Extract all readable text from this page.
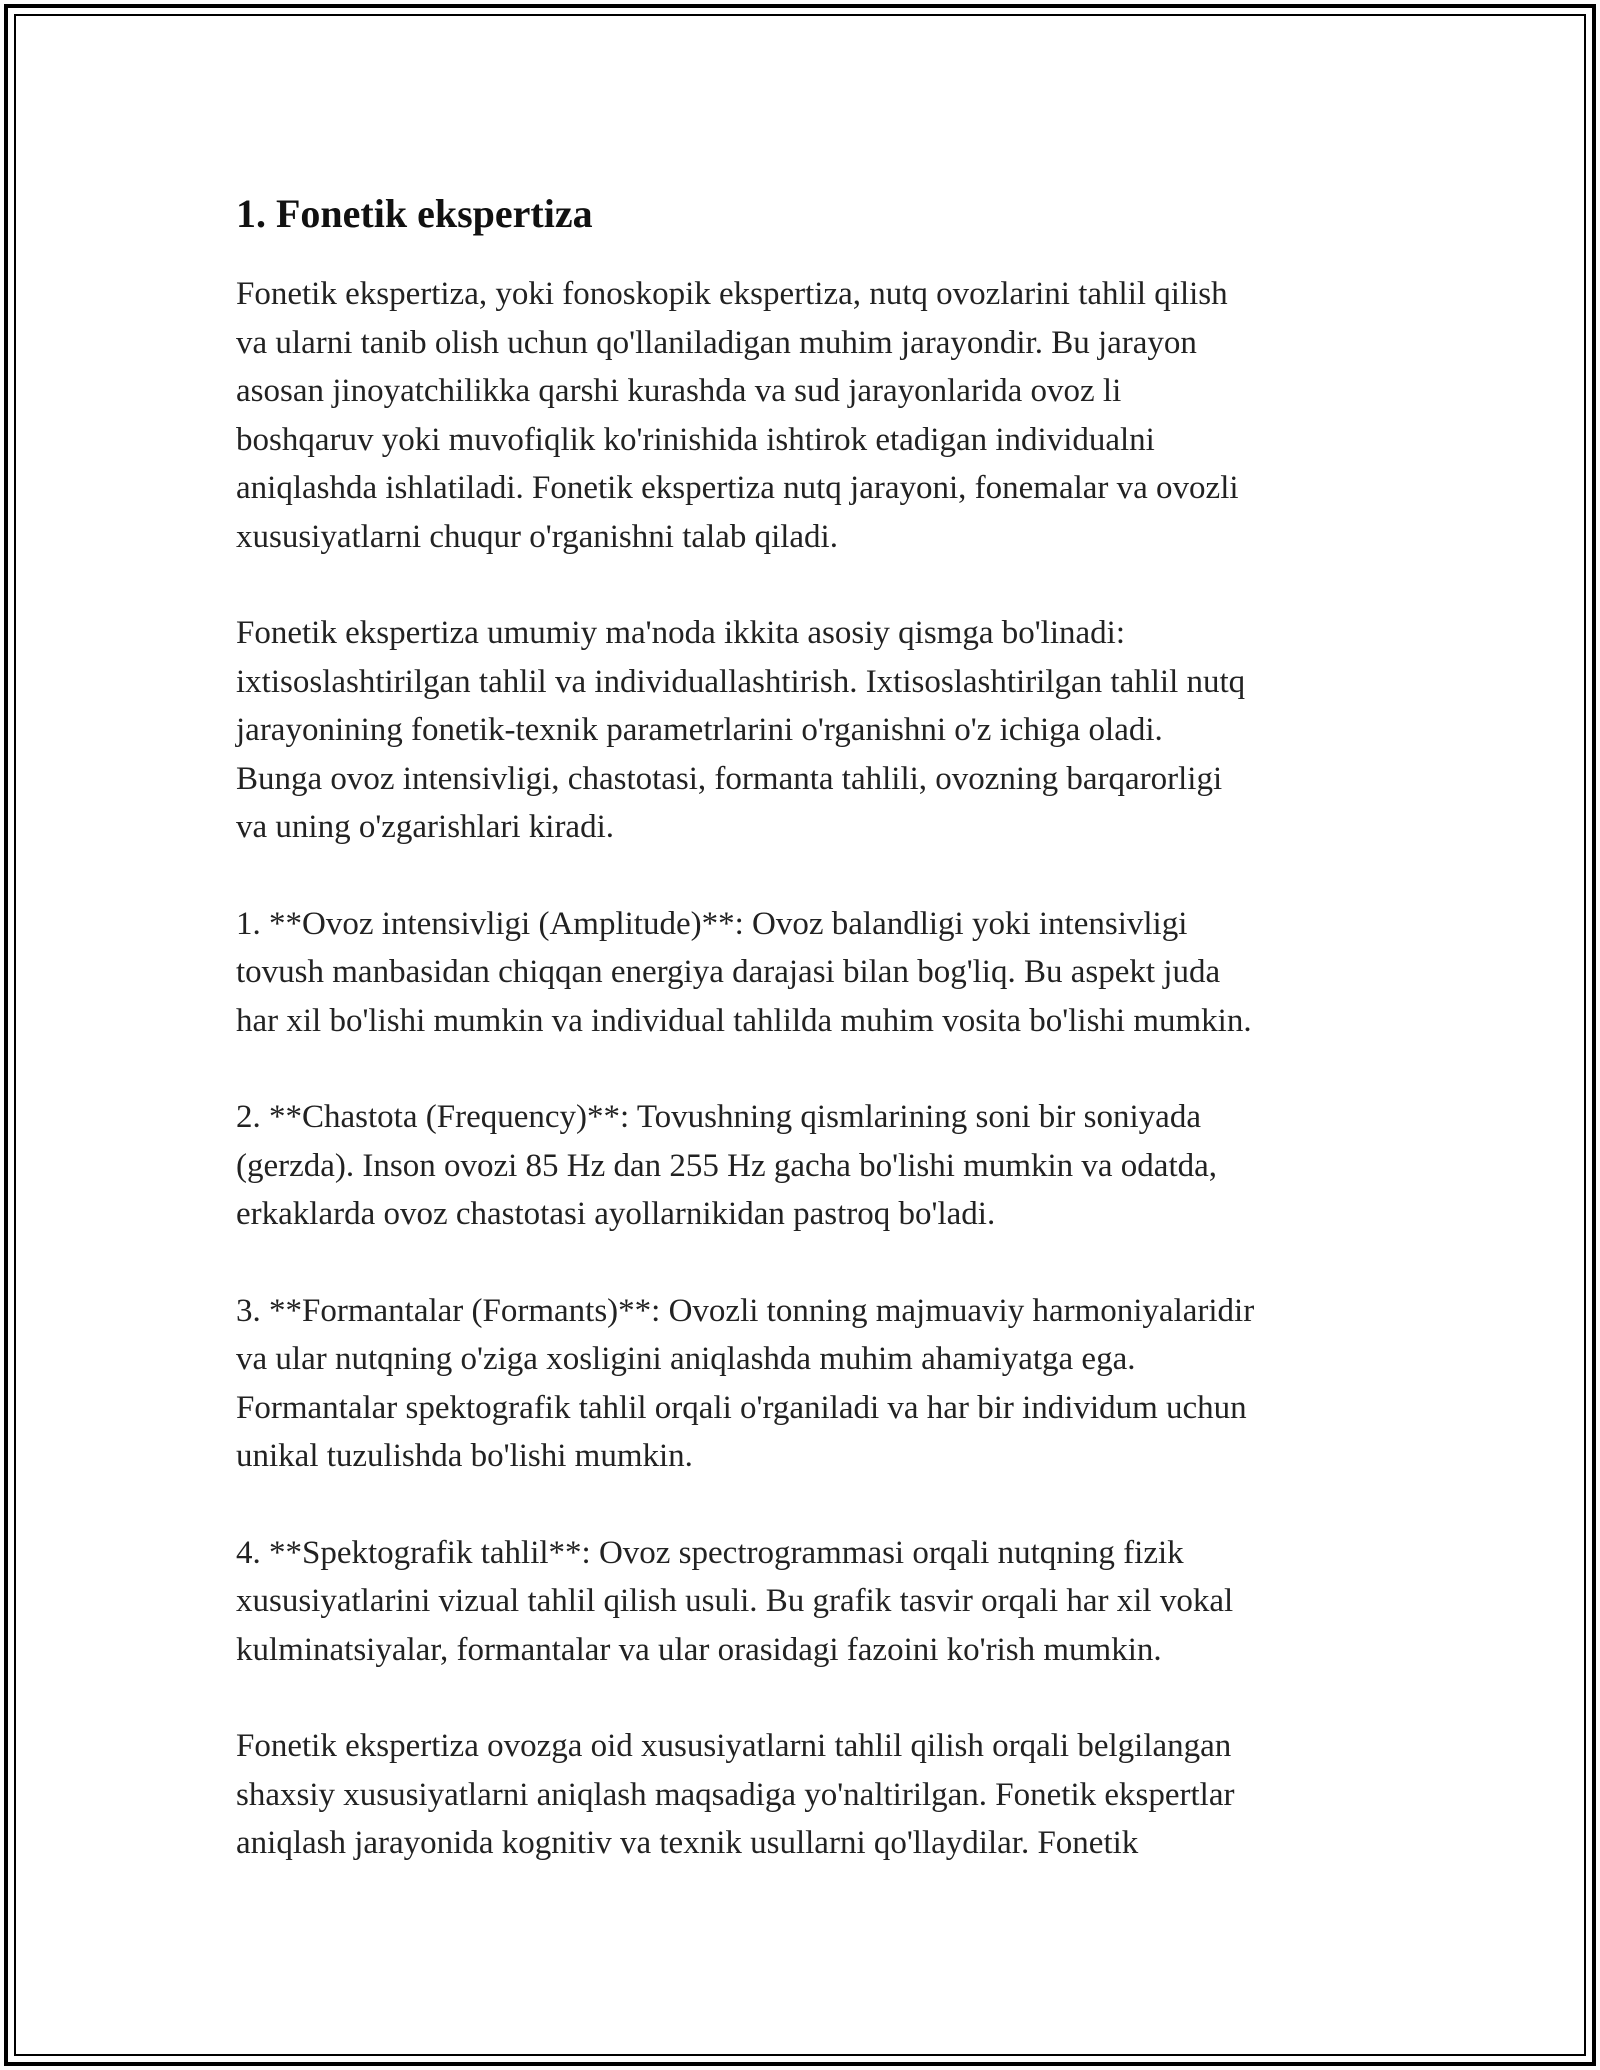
1. Fonetik ekspertiza

Fonetik ekspertiza, yoki fonoskopik ekspertiza, nutq ovozlarini tahlil qilish
va ularni tanib olish uchun qo'llaniladigan muhim jarayondir. Bu jarayon
asosan jinoyatchilikka qarshi kurashda va sud jarayonlarida ovoz li
boshqaruv yoki muvofiqlik ko'rinishida ishtirok etadigan individualni
aniqlashda ishlatiladi. Fonetik ekspertiza nutq jarayoni, fonemalar va ovozli
xususiyatlarni chuqur o'rganishni talab qiladi.

Fonetik ekspertiza umumiy ma'noda ikkita asosiy qismga bo'linadi:
ixtisoslashtirilgan tahlil va individuallashtirish. Ixtisoslashtirilgan tahlil nutq
jarayonining fonetik-texnik parametrlarini o'rganishni o'z ichiga oladi.
Bunga ovoz intensivligi, chastotasi, formanta tahlili, ovozning barqarorligi
va uning o'zgarishlari kiradi.

1. **Ovoz intensivligi (Amplitude)**: Ovoz balandligi yoki intensivligi
tovush manbasidan chiqqan energiya darajasi bilan bog'liq. Bu aspekt juda
har xil bo'lishi mumkin va individual tahlilda muhim vosita bo'lishi mumkin.

2. **Chastota (Frequency)**: Tovushning qismlarining soni bir soniyada
(gerzda). Inson ovozi 85 Hz dan 255 Hz gacha bo'lishi mumkin va odatda,
erkaklarda ovoz chastotasi ayollarnikidan pastroq bo'ladi.

3. **Formantalar (Formants)**: Ovozli tonning majmuaviy harmoniyalaridir
va ular nutqning o'ziga xosligini aniqlashda muhim ahamiyatga ega.
Formantalar spektografik tahlil orqali o'rganiladi va har bir individum uchun
unikal tuzulishda bo'lishi mumkin.

4. **Spektografik tahlil**: Ovoz spectrogrammasi orqali nutqning fizik
xususiyatlarini vizual tahlil qilish usuli. Bu grafik tasvir orqali har xil vokal
kulminatsiyalar, formantalar va ular orasidagi fazoini ko'rish mumkin.

Fonetik ekspertiza ovozga oid xususiyatlarni tahlil qilish orqali belgilangan
shaxsiy xususiyatlarni aniqlash maqsadiga yo'naltirilgan. Fonetik ekspertlar
aniqlash jarayonida kognitiv va texnik usullarni qo'llaydilar. Fonetik
